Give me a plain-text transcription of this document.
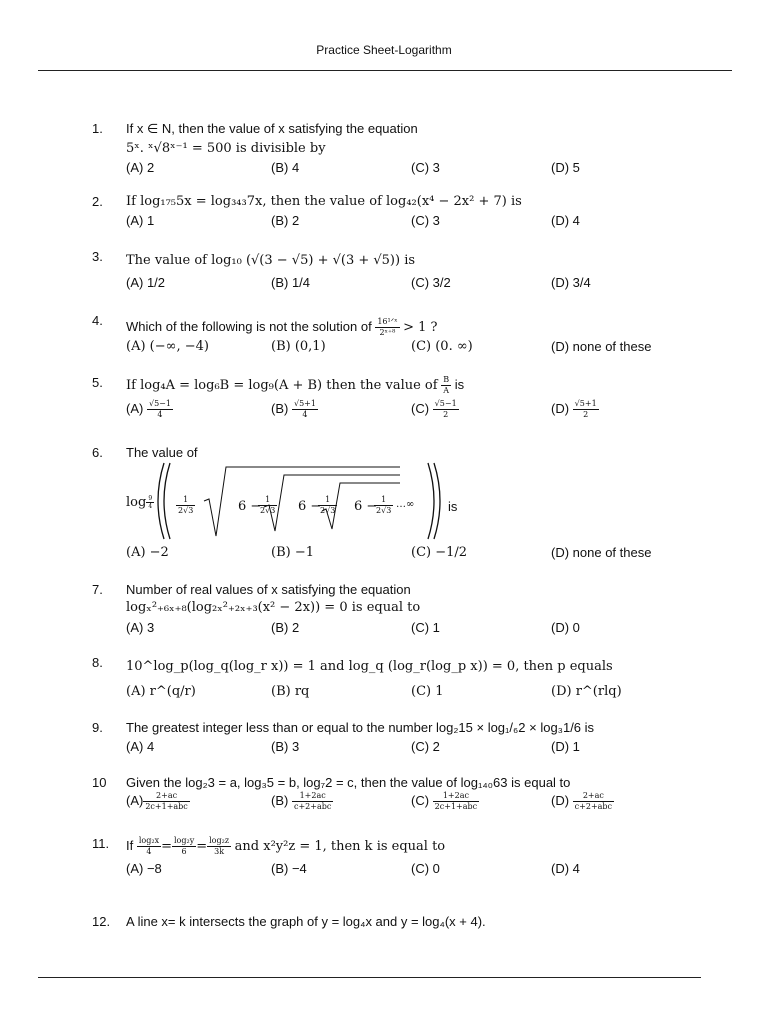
Practice Sheet-Logarithm
1. If x ∈ N, then the value of x satisfying the equation
5ˣ. ˣ√8ˣ⁻¹ = 500 is divisible by
(A) 2	(B) 4	(C) 3	(D) 5
2. If log₁₇₅5x = log₃₄₃7x, then the value of log₄₂(x⁴ − 2x² + 7) is
(A) 1	(B) 2	(C) 3	(D) 4
3. The value of log₁₀ (√(3 − √5) + √(3 + √5)) is
(A) 1/2	(B) 1/4	(C) 3/2	(D) 3/4
4. Which of the following is not the solution of $\frac{\text{16¹ᐟˣ}}{\text{2ˣ⁺⁸}} > 1$ ?
(A) (−∞, −4)	(B) (0,1)	(C) (0. ∞)	(D) none of these
5. If log₄A = log₆B = log₉(A + B) then the value of $\frac{B}{A}$ is
$(A) \frac{√5-1}{4}$	$(B) \frac{√5+1}{4}$	$(C) \frac{√5-1}{2}$	$(D) \frac{√5+1}{2}$
6. The value of
$\log \frac{9}{4}$	$\frac{1}{2√3}$	6 −
$\frac{1}{2√3} 6$ −
$\frac{1}{2√3} 6$ −
$\frac{1}{2√3}$ …∞	is
(A) −2	(B) −1	(C) −1/2	(D) none of these
7. Number of real values of x satisfying the equation
logₓ²₊₆ₓ₊₈(log₂ₓ²₊₂ₓ₊₃(x² − 2x)) = 0 is equal to
(A) 3	(B) 2	(C) 1	(D) 0
8. 10^log_p(log_q(log_r x)) = 1 and log_q (log_r(log_p x)) = 0, then p equals
(A) r^(q/r)	(B) rq	(C) 1	(D) r^(rlq)
9. The greatest integer less than or equal to the number log₂15 × log₁/₆2 × log₃1/6 is
(A) 4	(B) 3	(C) 2	(D) 1
10 Given the log₂3 = a, log₃5 = b, log₇2 = c, then the value of log₁₄₀63 is equal to
$(A) \frac{2+ac}{\text{2c+1+abc}}$	$(B) \frac{1+2ac}{\text{c+2+abc}}$	$(C) \frac{1+2ac}{\text{2c+1+abc}}$	$(D) \frac{2+ac}{\text{c+2+abc}}$
11. If $\frac{\text{log₂x}}{4} = \frac{\text{log₂y}}{6} = \frac{\text{log₂z}}{3k}$ and x²y²z = 1, then k is equal to
(A) −8	(B) −4	(C) 0	(D) 4
12. A line x= k intersects the graph of y = log₄x and y = log₄(x + 4).
